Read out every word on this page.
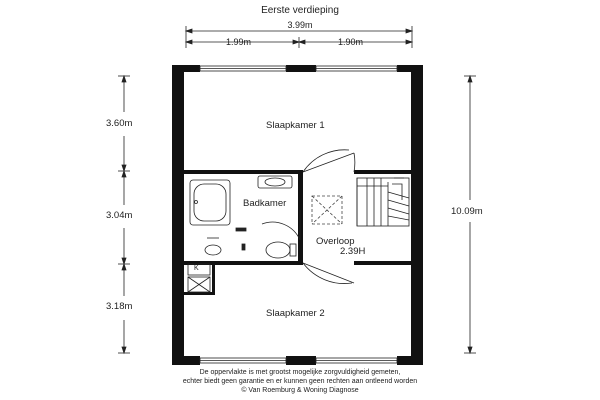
Eerste verdieping
3.99m
1.99m	1.90m
3.60m
3.04m
3.18m
10.09m
Slaapkamer 1
Badkamer
Overloop
2.39H
Slaapkamer 2
K
De oppervlakte is met grootst mogelijke zorgvuldigheid gemeten,
echter biedt geen garantie en er kunnen geen rechten aan ontleend worden
© Van Roemburg & Woning Diagnose
